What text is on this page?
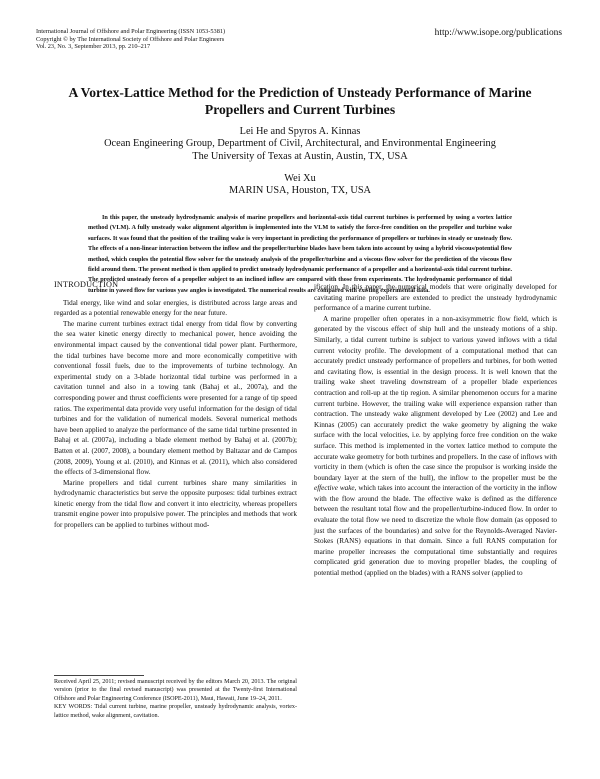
International Journal of Offshore and Polar Engineering (ISSN 1053-5381)
Copyright © by The International Society of Offshore and Polar Engineers
Vol. 23, No. 3, September 2013, pp. 210–217
http://www.isope.org/publications
A Vortex-Lattice Method for the Prediction of Unsteady Performance of Marine Propellers and Current Turbines
Lei He and Spyros A. Kinnas
Ocean Engineering Group, Department of Civil, Architectural, and Environmental Engineering
The University of Texas at Austin, Austin, TX, USA
Wei Xu
MARIN USA, Houston, TX, USA
In this paper, the unsteady hydrodynamic analysis of marine propellers and horizontal-axis tidal current turbines is performed by using a vortex lattice method (VLM). A fully unsteady wake alignment algorithm is implemented into the VLM to satisfy the force-free condition on the propeller and turbine wake surfaces. It was found that the position of the trailing wake is very important in predicting the performance of propellers or turbines in steady or unsteady flow. The effects of a non-linear interaction between the inflow and the propeller/turbine blades have been taken into account by using a hybrid viscous/potential flow method, which couples the potential flow solver for the unsteady analysis of the propeller/turbine and a viscous flow solver for the prediction of the viscous flow field around them. The present method is then applied to predict unsteady hydrodynamic performance of a propeller and a horizontal-axis tidal current turbine. The predicted unsteady forces of a propeller subject to an inclined inflow are compared with those from experiments. The hydrodynamic performance of tidal turbine in yawed flow for various yaw angles is investigated. The numerical results are compared with existing experimental data.
INTRODUCTION

Tidal energy, like wind and solar energies, is distributed across large areas and regarded as a potential renewable energy for the near future.

The marine current turbines extract tidal energy from tidal flow by converting the sea water kinetic energy directly to mechanical power, hence avoiding the environmental impact caused by the conventional tidal power plant. Furthermore, the tidal turbines have become more and more economically competitive with conventional fossil fuels, due to the improvements of turbine technology. An experimental study on a 3-blade horizontal tidal turbine was performed in a cavitation tunnel and also in a towing tank (Bahaj et al., 2007a), and the corresponding power and thrust coefficients were presented for a range of tip speed ratios. The experimental data provide very useful information for the design of tidal turbines and for the validation of numerical models. Several numerical methods have been applied to analyze the performance of the same tidal turbine presented in Bahaj et al. (2007a), including a blade element method by Bahaj et al. (2007b); Batten et al. (2007, 2008), a boundary element method by Baltazar and de Campos (2008, 2009), Young et al. (2010), and Kinnas et al. (2011), which also considered the effects of 3-dimensional flow.

Marine propellers and tidal current turbines share many similarities in hydrodynamic characteristics but serve the opposite purposes: tidal turbines extract kinetic energy from the tidal flow and convert it into electricity, whereas propellers transmit engine power into propulsive power. The principles and methods that work for propellers can be applied to turbines without mod-

ification. In this paper, the numerical models that were originally developed for cavitating marine propellers are extended to predict the unsteady hydrodynamic performance of a marine current turbine.

A marine propeller often operates in a non-axisymmetric flow field, which is generated by the viscous effect of ship hull and the unsteady motions of a ship. Similarly, a tidal current turbine is subject to various yawed inflows with a tidal current velocity profile. The development of a computational method that can accurately predict unsteady performance of propellers and turbines, for both wetted and cavitating flow, is essential in the design process. It is well known that the trailing wake sheet traveling downstream of a propeller blade experiences contraction and roll-up at the tip region. A similar phenomenon occurs for a marine current turbine. However, the trailing wake will experience expansion rather than contraction. The unsteady wake alignment developed by Lee (2002) and Lee and Kinnas (2005) can accurately predict the wake geometry by aligning the wake surface with the local velocities, i.e. by applying force free condition on the wake surface. This method is implemented in the vortex lattice method to compute the accurate wake geometry for both turbines and propellers. In the case of inflows with vorticity in them (which is often the case since the propulsor is working inside the boundary layer at the stern of the hull), the inflow to the propeller must be the effective wake, which takes into account the interaction of the vorticity in the inflow with the flow around the blade. The effective wake is defined as the difference between the resultant total flow and the propeller/turbine-induced flow. In order to evaluate the total flow we need to discretize the whole flow domain (as opposed to just the surfaces of the boundaries) and solve for the Reynolds-Averaged Navier-Stokes (RANS) equations in that domain. Since a full RANS computation for marine propeller increases the computational time substantially and requires complicated grid generation due to moving propeller blades, the coupling of potential method (applied on the blades) with a RANS solver (applied to

Received April 25, 2011; revised manuscript received by the editors March 20, 2013. The original version (prior to the final revised manuscript) was presented at the Twenty-first International Offshore and Polar Engineering Conference (ISOPE-2011), Maui, Hawaii, June 19–24, 2011.

KEY WORDS: Tidal current turbine, marine propeller, unsteady hydrodynamic analysis, vortex-lattice method, wake alignment, cavitation.
